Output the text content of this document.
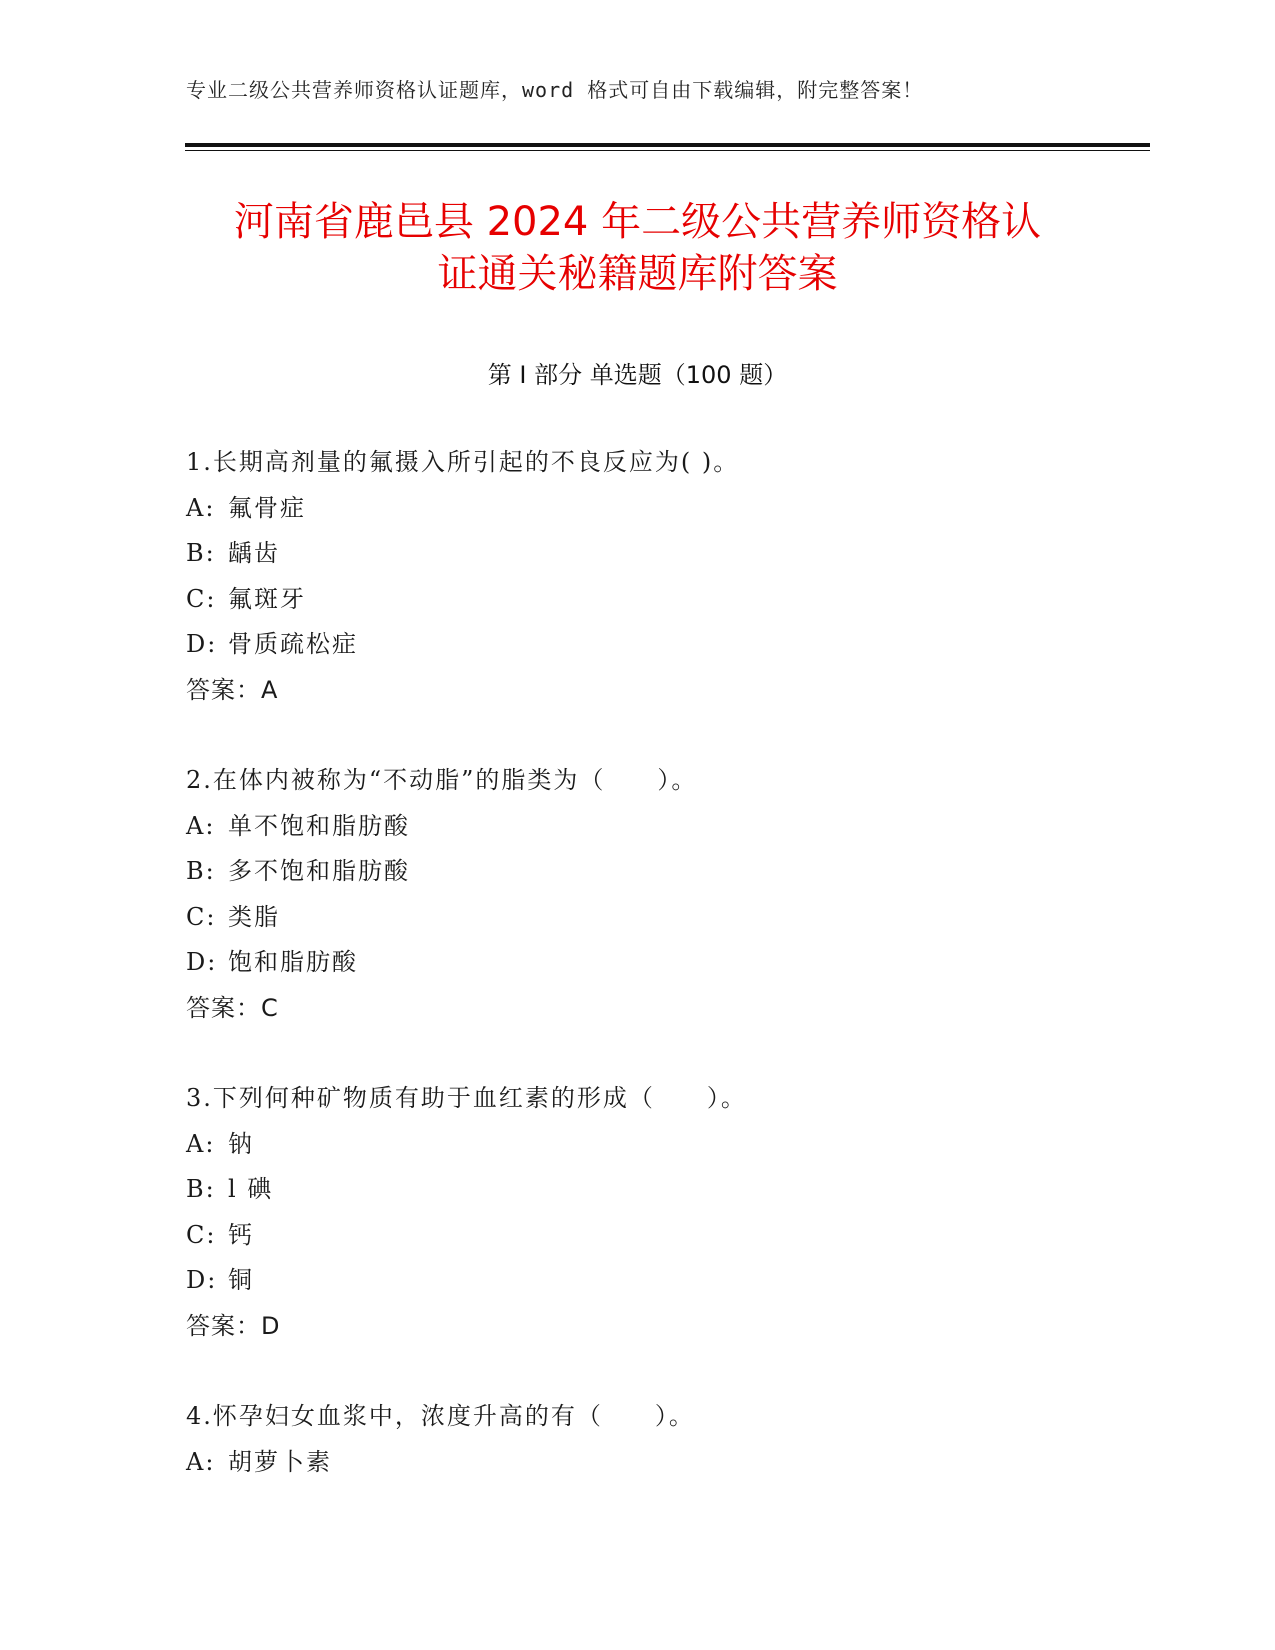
专业二级公共营养师资格认证题库，word 格式可自由下载编辑，附完整答案！
河南省鹿邑县 2024 年二级公共营养师资格认
证通关秘籍题库附答案
第 I 部分 单选题（100 题）
1.长期高剂量的氟摄入所引起的不良反应为( )。
A: 氟骨症
B: 龋齿
C: 氟斑牙
D: 骨质疏松症
答案：A
2.在体内被称为“不动脂”的脂类为（　　）。
A: 单不饱和脂肪酸
B: 多不饱和脂肪酸
C: 类脂
D: 饱和脂肪酸
答案：C
3.下列何种矿物质有助于血红素的形成（　　）。
A: 钠
B: l 碘
C: 钙
D: 铜
答案：D
4.怀孕妇女血浆中，浓度升高的有（　　）。
A: 胡萝卜素
